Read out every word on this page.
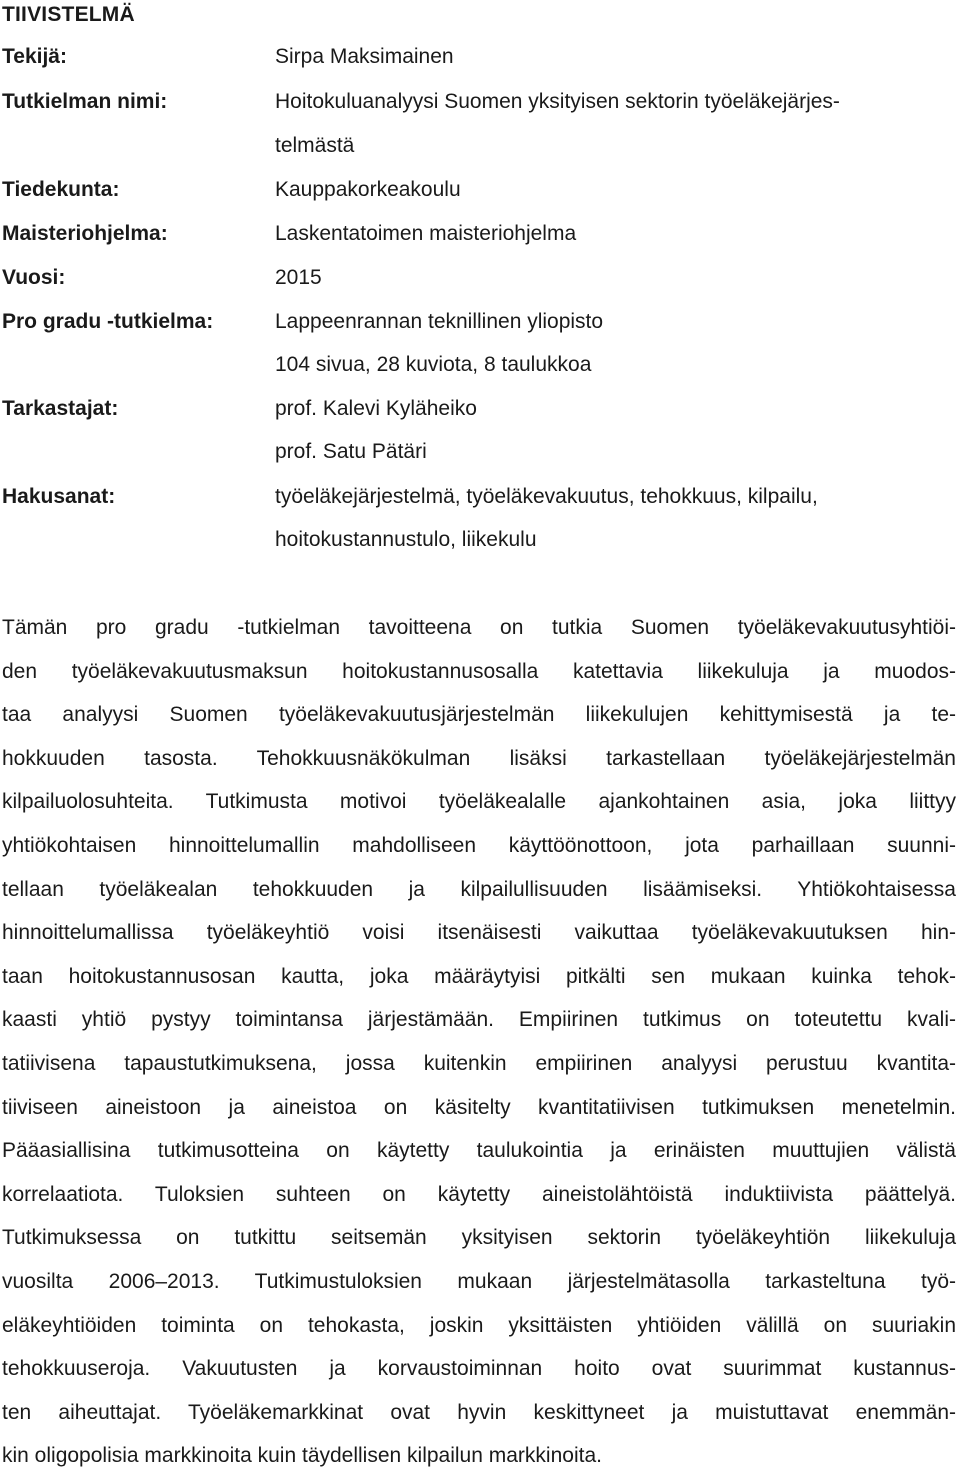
TIIVISTELMÄ
Tekijä:	Sirpa Maksimainen
Tutkielman nimi:	Hoitokuluanalyysi Suomen yksityisen sektorin työeläkejärjes-
telmästä
Tiedekunta:	Kauppakorkeakoulu
Maisteriohjelma:	Laskentatoimen maisteriohjelma
Vuosi:	2015
Pro gradu -tutkielma:	Lappeenrannan teknillinen yliopisto
104 sivua, 28 kuviota, 8 taulukkoa
Tarkastajat:	prof. Kalevi Kyläheiko
prof. Satu Pätäri
Hakusanat:	työeläkejärjestelmä, työeläkevakuutus, tehokkuus, kilpailu,
hoitokustannustulo, liikekulu
Tämän pro gradu -tutkielman tavoitteena on tutkia Suomen työeläkevakuutusyhtiöi-
den työeläkevakuutusmaksun hoitokustannusosalla katettavia liikekuluja ja muodos-
taa analyysi Suomen työeläkevakuutusjärjestelmän liikekulujen kehittymisestä ja te-
hokkuuden tasosta. Tehokkuusnäkökulman lisäksi tarkastellaan työeläkejärjestelmän
kilpailuolosuhteita. Tutkimusta motivoi työeläkealalle ajankohtainen asia, joka liittyy
yhtiökohtaisen hinnoittelumallin mahdolliseen käyttöönottoon, jota parhaillaan suunni-
tellaan työeläkealan tehokkuuden ja kilpailullisuuden lisäämiseksi. Yhtiökohtaisessa
hinnoittelumallissa työeläkeyhtiö voisi itsenäisesti vaikuttaa työeläkevakuutuksen hin-
taan hoitokustannusosan kautta, joka määräytyisi pitkälti sen mukaan kuinka tehok-
kaasti yhtiö pystyy toimintansa järjestämään. Empiirinen tutkimus on toteutettu kvali-
tatiivisena tapaustutkimuksena, jossa kuitenkin empiirinen analyysi perustuu kvantita-
tiiviseen aineistoon ja aineistoa on käsitelty kvantitatiivisen tutkimuksen menetelmin.
Pääasiallisina tutkimusotteina on käytetty taulukointia ja erinäisten muuttujien välistä
korrelaatiota. Tuloksien suhteen on käytetty aineistolähtöistä induktiivista päättelyä.
Tutkimuksessa on tutkittu seitsemän yksityisen sektorin työeläkeyhtiön liikekuluja
vuosilta 2006–2013. Tutkimustuloksien mukaan järjestelmätasolla tarkasteltuna työ-
eläkeyhtiöiden toiminta on tehokasta, joskin yksittäisten yhtiöiden välillä on suuriakin
tehokkuuseroja. Vakuutusten ja korvaustoiminnan hoito ovat suurimmat kustannus-
ten aiheuttajat. Työeläkemarkkinat ovat hyvin keskittyneet ja muistuttavat enemmän-
kin oligopolisia markkinoita kuin täydellisen kilpailun markkinoita.
